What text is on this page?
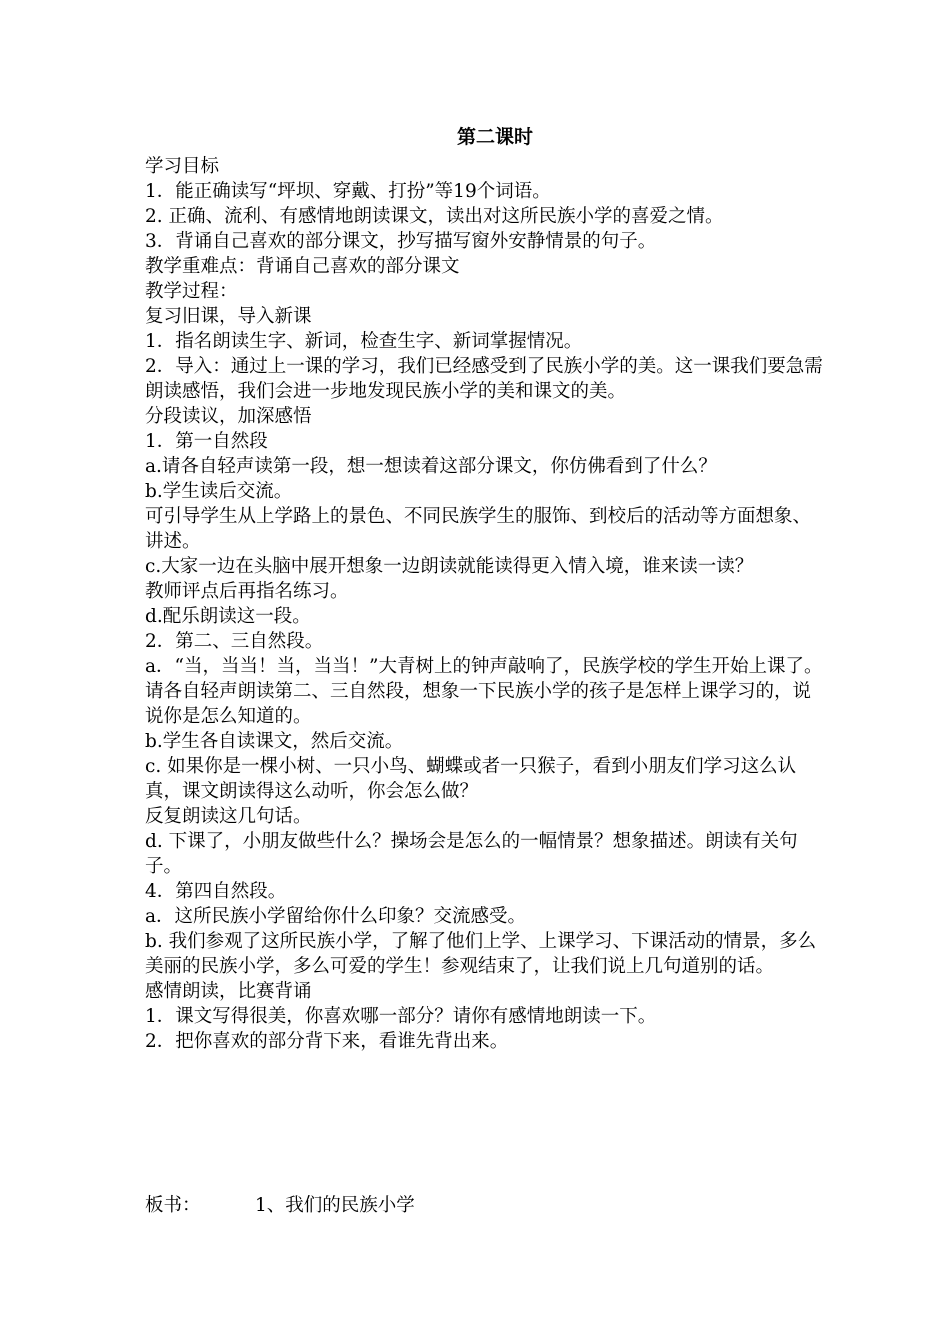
第二课时
学习目标
1．能正确读写“坪坝、穿戴、打扮”等19个词语。
2. 正确、流利、有感情地朗读课文，读出对这所民族小学的喜爱之情。
3．背诵自己喜欢的部分课文，抄写描写窗外安静情景的句子。
教学重难点：背诵自己喜欢的部分课文
教学过程：
复习旧课，导入新课
1．指名朗读生字、新词，检查生字、新词掌握情况。
2．导入：通过上一课的学习，我们已经感受到了民族小学的美。这一课我们要急需朗读感悟，我们会进一步地发现民族小学的美和课文的美。
分段读议，加深感悟
1．第一自然段
a.请各自轻声读第一段，想一想读着这部分课文，你仿佛看到了什么？
b.学生读后交流。
可引导学生从上学路上的景色、不同民族学生的服饰、到校后的活动等方面想象、讲述。
c.大家一边在头脑中展开想象一边朗读就能读得更入情入境，谁来读一读？
教师评点后再指名练习。
d.配乐朗读这一段。
2．第二、三自然段。
a．“当，当当！当，当当！”大青树上的钟声敲响了，民族学校的学生开始上课了。请各自轻声朗读第二、三自然段，想象一下民族小学的孩子是怎样上课学习的，说说你是怎么知道的。
b.学生各自读课文，然后交流。
c. 如果你是一棵小树、一只小鸟、蝴蝶或者一只猴子，看到小朋友们学习这么认真，课文朗读得这么动听，你会怎么做？
反复朗读这几句话。
d. 下课了，小朋友做些什么？操场会是怎么的一幅情景？想象描述。朗读有关句子。
4．第四自然段。
a．这所民族小学留给你什么印象？交流感受。
b. 我们参观了这所民族小学，了解了他们上学、上课学习、下课活动的情景，多么美丽的民族小学，多么可爱的学生！参观结束了，让我们说上几句道别的话。
感情朗读，比赛背诵
1．课文写得很美，你喜欢哪一部分？请你有感情地朗读一下。
2．把你喜欢的部分背下来，看谁先背出来。
板书：	1、我们的民族小学
